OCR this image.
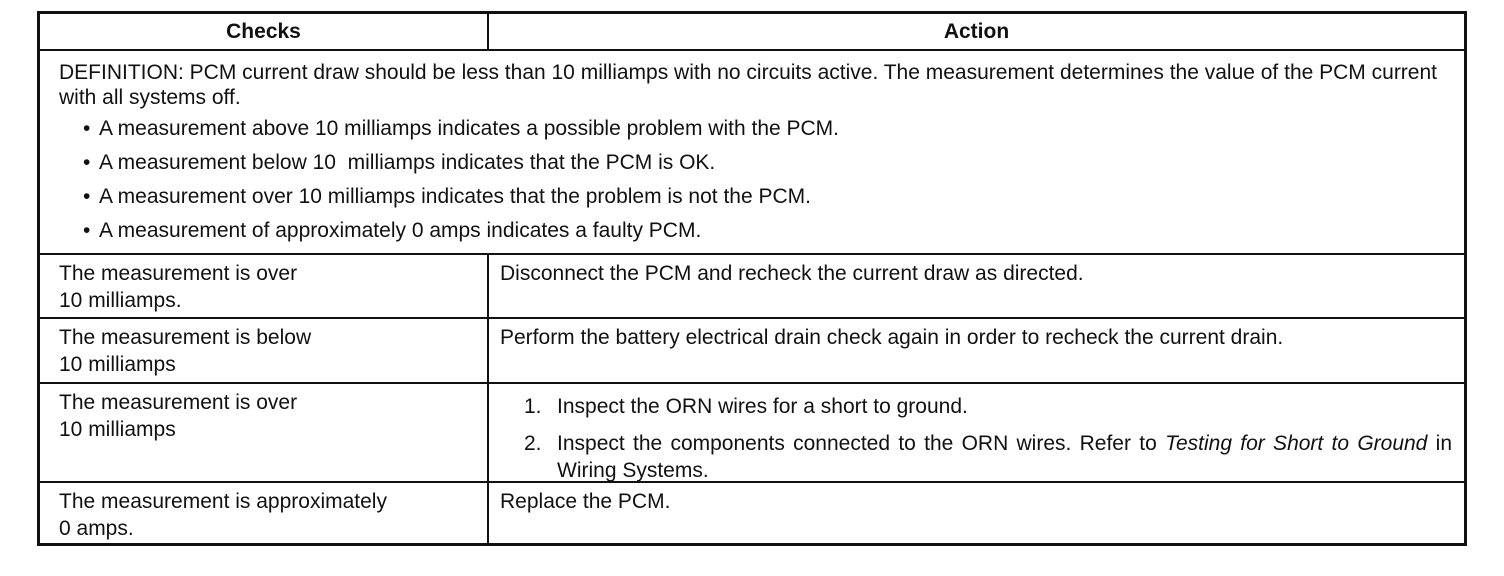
Checks	Action
DEFINITION: PCM current draw should be less than 10 milliamps with no circuits active. The measurement determines the value of the PCM current with all systems off.
• A measurement above 10 milliamps indicates a possible problem with the PCM.
• A measurement below 10  milliamps indicates that the PCM is OK.
• A measurement over 10 milliamps indicates that the problem is not the PCM.
• A measurement of approximately 0 amps indicates a faulty PCM.
The measurement is over
10 milliamps.
Disconnect the PCM and recheck the current draw as directed.
The measurement is below
10 milliamps
Perform the battery electrical drain check again in order to recheck the current drain.
The measurement is over
10 milliamps
1. Inspect the ORN wires for a short to ground.
2. Inspect the components connected to the ORN wires. Refer to Testing for Short to Ground in Wiring Systems.
The measurement is approximately
0 amps.
Replace the PCM.
